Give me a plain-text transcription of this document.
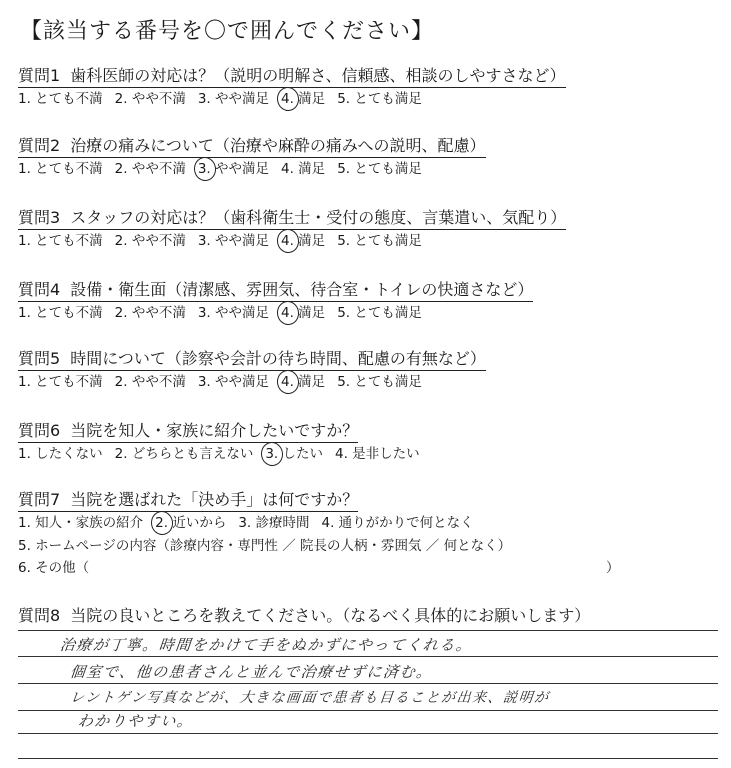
【該当する番号を〇で囲んでください】
質問1 歯科医師の対応は？（説明の明解さ、信頼感、相談のしやすさなど）
1. とても不満 2. やや不満 3. やや満足 4. 満足 5. とても満足
質問2 治療の痛みについて（治療や麻酔の痛みへの説明、配慮）
1. とても不満 2. やや不満 3. やや満足 4. 満足 5. とても満足
質問3 スタッフの対応は？（歯科衛生士・受付の態度、言葉遣い、気配り）
1. とても不満 2. やや不満 3. やや満足 4. 満足 5. とても満足
質問4 設備・衛生面（清潔感、雰囲気、待合室・トイレの快適さなど）
1. とても不満 2. やや不満 3. やや満足 4. 満足 5. とても満足
質問5 時間について（診察や会計の待ち時間、配慮の有無など）
1. とても不満 2. やや不満 3. やや満足 4. 満足 5. とても満足
質問6 当院を知人・家族に紹介したいですか？
1. したくない 2. どちらとも言えない 3. したい 4. 是非したい
質問7 当院を選ばれた「決め手」は何ですか？
1. 知人・家族の紹介 2. 近いから 3. 診療時間 4. 通りがかりで何となく
5. ホームページの内容（診療内容・専門性 ／ 院長の人柄・雰囲気 ／ 何となく）
6. その他（	）
質問8 当院の良いところを教えてください。（なるべく具体的にお願いします）
治療が丁寧。時間をかけて手をぬかずにやってくれる。
個室で、他の患者さんと並んで治療せずに済む。
レントゲン写真などが、大きな画面で患者も目ることが出来、説明が
わかりやすい。
